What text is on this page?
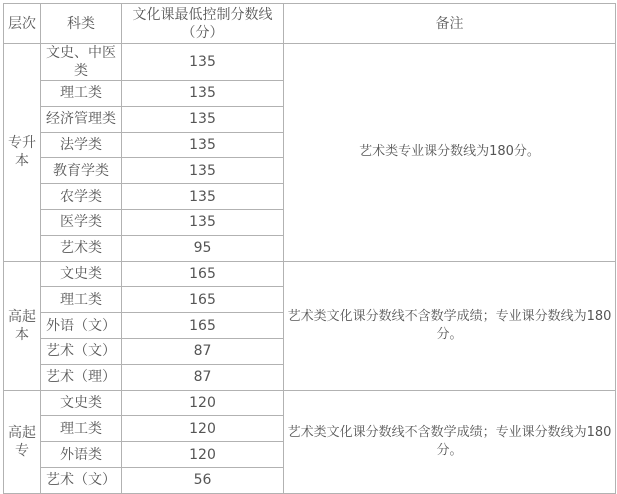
层次	科类	文化课最低控制分数线（分）	备注
专升本	文史、中医类	135	艺术类专业课分数线为180分。
	理工类	135	
	经济管理类	135	
	法学类	135	
	教育学类	135	
	农学类	135	
	医学类	135	
	艺术类	95	
高起本	文史类	165	艺术类文化课分数线不含数学成绩；专业课分数线为180分。
	理工类	165	
	外语（文）	165	
	艺术（文）	87	
	艺术（理）	87	
高起专	文史类	120	艺术类文化课分数线不含数学成绩；专业课分数线为180分。
	理工类	120	
	外语类	120	
	艺术（文）	56	
